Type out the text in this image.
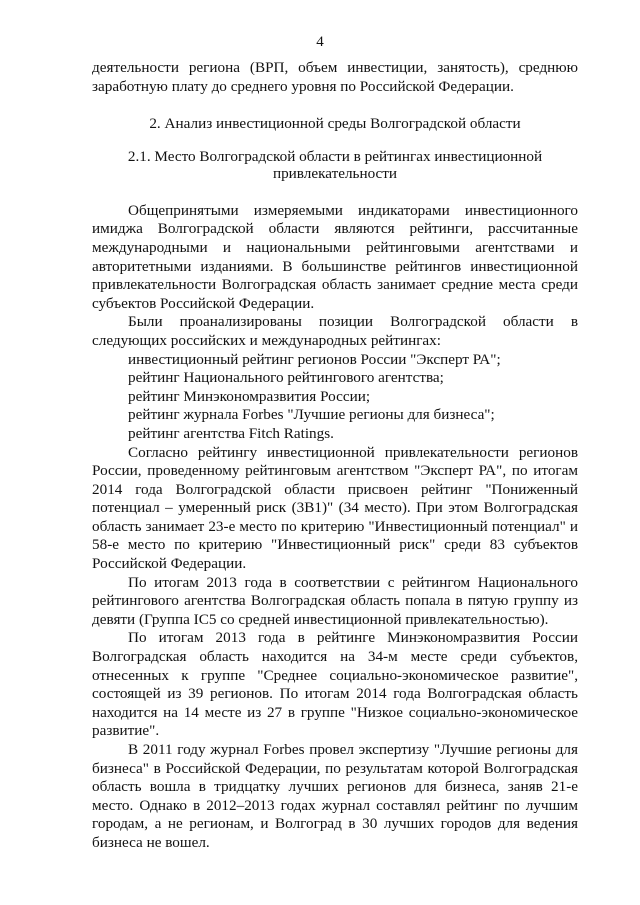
4

деятельности региона (ВРП, объем инвестиции, занятость), среднюю заработную плату до среднего уровня по Российской Федерации.

2. Анализ инвестиционной среды Волгоградской области
2.1. Место Волгоградской области в рейтингах инвестиционной привлекательности

Общепринятыми измеряемыми индикаторами инвестиционного имиджа Волгоградской области являются рейтинги, рассчитанные международными и национальными рейтинговыми агентствами и авторитетными изданиями. В большинстве рейтингов инвестиционной привлекательности Волгоградская область занимает средние места среди субъектов Российской Федерации.

Были проанализированы позиции Волгоградской области в следующих российских и международных рейтингах:

инвестиционный рейтинг регионов России "Эксперт РА";
рейтинг Национального рейтингового агентства;
рейтинг Минэкономразвития России;
рейтинг журнала Forbes "Лучшие регионы для бизнеса";
рейтинг агентства Fitch Ratings.

Согласно рейтингу инвестиционной привлекательности регионов России, проведенному рейтинговым агентством "Эксперт РА", по итогам 2014 года Волгоградской области присвоен рейтинг "Пониженный потенциал – умеренный риск (3В1)" (34 место). При этом Волгоградская область занимает 23-е место по критерию "Инвестиционный потенциал" и 58-е место по критерию "Инвестиционный риск" среди 83 субъектов Российской Федерации.

По итогам 2013 года в соответствии с рейтингом Национального рейтингового агентства Волгоградская область попала в пятую группу из девяти (Группа IC5 со средней инвестиционной привлекательностью).

По итогам 2013 года в рейтинге Минэкономразвития России Волгоградская область находится на 34-м месте среди субъектов, отнесенных к группе "Среднее социально-экономическое развитие", состоящей из 39 регионов. По итогам 2014 года Волгоградская область находится на 14 месте из 27 в группе "Низкое социально-экономическое развитие".

В 2011 году журнал Forbes провел экспертизу "Лучшие регионы для бизнеса" в Российской Федерации, по результатам которой Волгоградская область вошла в тридцатку лучших регионов для бизнеса, заняв 21-е место. Однако в 2012–2013 годах журнал составлял рейтинг по лучшим городам, а не регионам, и Волгоград в 30 лучших городов для ведения бизнеса не вошел.
